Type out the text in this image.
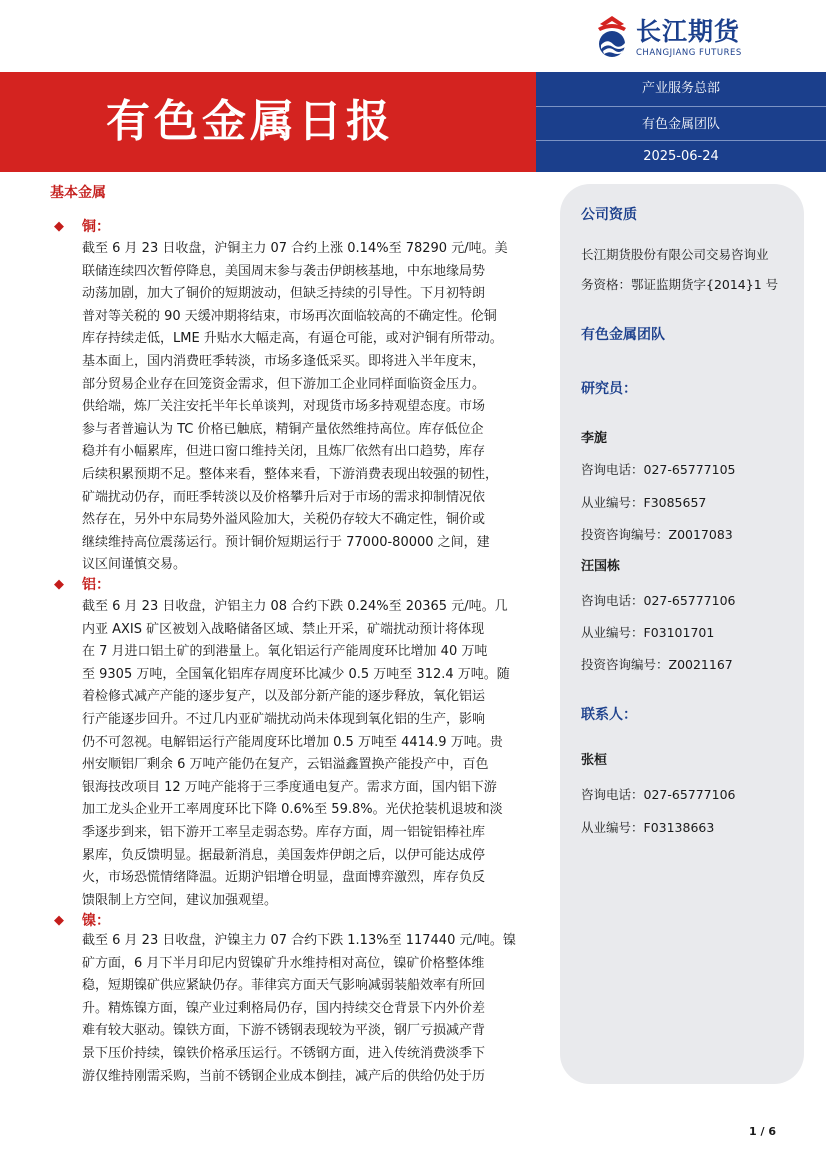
长江期货
CHANGJIANG FUTURES
有色金属日报
产业服务总部
有色金属团队
2025-06-24
基本金属
◆ 铜：
截至 6 月 23 日收盘，沪铜主力 07 合约上涨 0.14%至 78290 元/吨。美
联储连续四次暂停降息，美国周末参与袭击伊朗核基地，中东地缘局势
动荡加剧，加大了铜价的短期波动，但缺乏持续的引导性。下月初特朗
普对等关税的 90 天缓冲期将结束，市场再次面临较高的不确定性。伦铜
库存持续走低，LME 升贴水大幅走高，有逼仓可能，或对沪铜有所带动。
基本面上，国内消费旺季转淡，市场多逢低采买。即将进入半年度末，
部分贸易企业存在回笼资金需求，但下游加工企业同样面临资金压力。
供给端，炼厂关注安托半年长单谈判，对现货市场多持观望态度。市场
参与者普遍认为 TC 价格已触底，精铜产量依然维持高位。库存低位企
稳并有小幅累库，但进口窗口维持关闭，且炼厂依然有出口趋势，库存
后续积累预期不足。整体来看，整体来看，下游消费表现出较强的韧性，
矿端扰动仍存，而旺季转淡以及价格攀升后对于市场的需求抑制情况依
然存在，另外中东局势外溢风险加大，关税仍存较大不确定性，铜价或
继续维持高位震荡运行。预计铜价短期运行于 77000-80000 之间，建
议区间谨慎交易。
◆ 铝：
截至 6 月 23 日收盘，沪铝主力 08 合约下跌 0.24%至 20365 元/吨。几
内亚 AXIS 矿区被划入战略储备区域、禁止开采，矿端扰动预计将体现
在 7 月进口铝土矿的到港量上。氧化铝运行产能周度环比增加 40 万吨
至 9305 万吨，全国氧化铝库存周度环比减少 0.5 万吨至 312.4 万吨。随
着检修式减产产能的逐步复产，以及部分新产能的逐步释放，氧化铝运
行产能逐步回升。不过几内亚矿端扰动尚未体现到氧化铝的生产，影响
仍不可忽视。电解铝运行产能周度环比增加 0.5 万吨至 4414.9 万吨。贵
州安顺铝厂剩余 6 万吨产能仍在复产，云铝溢鑫置换产能投产中，百色
银海技改项目 12 万吨产能将于三季度通电复产。需求方面，国内铝下游
加工龙头企业开工率周度环比下降 0.6%至 59.8%。光伏抢装机退坡和淡
季逐步到来，铝下游开工率呈走弱态势。库存方面，周一铝锭铝棒社库
累库，负反馈明显。据最新消息，美国轰炸伊朗之后，以伊可能达成停
火，市场恐慌情绪降温。近期沪铝增仓明显，盘面博弈激烈，库存负反
馈限制上方空间，建议加强观望。
◆ 镍：
截至 6 月 23 日收盘，沪镍主力 07 合约下跌 1.13%至 117440 元/吨。镍
矿方面，6 月下半月印尼内贸镍矿升水维持相对高位，镍矿价格整体维
稳，短期镍矿供应紧缺仍存。菲律宾方面天气影响减弱装船效率有所回
升。精炼镍方面，镍产业过剩格局仍存，国内持续交仓背景下内外价差
难有较大驱动。镍铁方面，下游不锈钢表现较为平淡，钢厂亏损减产背
景下压价持续，镍铁价格承压运行。不锈钢方面，进入传统消费淡季下
游仅维持刚需采购，当前不锈钢企业成本倒挂，减产后的供给仍处于历
公司资质
长江期货股份有限公司交易咨询业
务资格：鄂证监期货字{2014}1 号
有色金属团队
研究员：
李旎
咨询电话：027-65777105
从业编号：F3085657
投资咨询编号：Z0017083
汪国栋
咨询电话：027-65777106
从业编号：F03101701
投资咨询编号：Z0021167
联系人：
张桓
咨询电话：027-65777106
从业编号：F03138663
1 / 6
